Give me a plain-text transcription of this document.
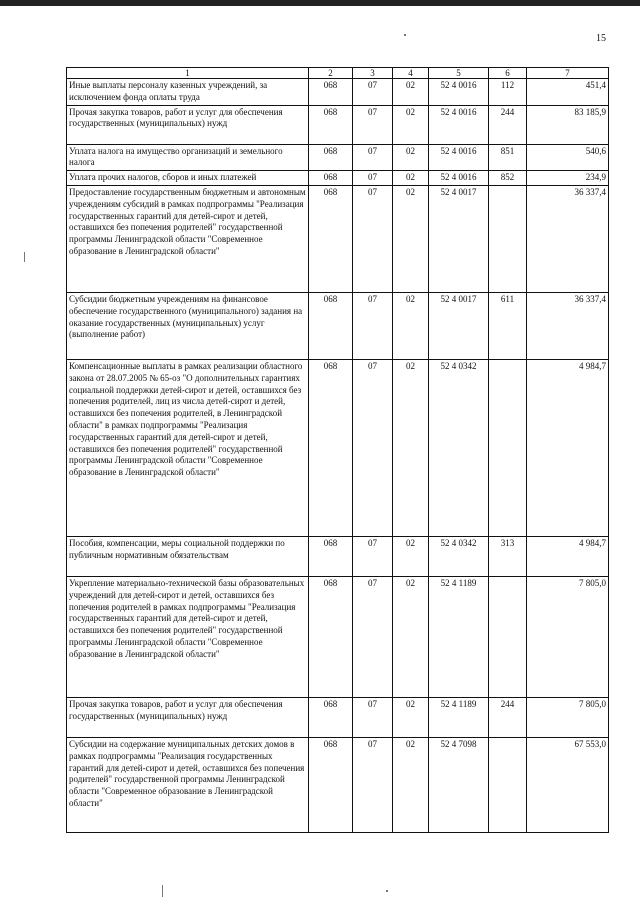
15
1	2	3	4	5	6	7
Иные выплаты персоналу казенных учреждений, за исключением фонда оплаты труда	068	07	02	52 4 0016	112	451,4
Прочая закупка товаров, работ и услуг для обеспечения государственных (муниципальных) нужд	068	07	02	52 4 0016	244	83 185,9
Уплата налога на имущество организаций и земельного налога	068	07	02	52 4 0016	851	540,6
Уплата прочих налогов, сборов и иных платежей	068	07	02	52 4 0016	852	234,9
Предоставление государственным бюджетным и автономным учреждениям субсидий в рамках подпрограммы "Реализация государственных гарантий для детей-сирот и детей, оставшихся без попечения родителей" государственной программы Ленинградской области "Современное образование в Ленинградской области"	068	07	02	52 4 0017		36 337,4
Субсидии бюджетным учреждениям на финансовое обеспечение государственного (муниципального) задания на оказание государственных (муниципальных) услуг (выполнение работ)	068	07	02	52 4 0017	611	36 337,4
Компенсационные выплаты в рамках реализации областного закона от 28.07.2005 № 65-оз "О дополнительных гарантиях социальной поддержки детей-сирот и детей, оставшихся без попечения родителей, лиц из числа детей-сирот и детей, оставшихся без попечения родителей, в Ленинградской области" в рамках подпрограммы "Реализация государственных гарантий для детей-сирот и детей, оставшихся без попечения родителей" государственной программы Ленинградской области "Современное образование в Ленинградской области"	068	07	02	52 4 0342		4 984,7
Пособия, компенсации, меры социальной поддержки по публичным нормативным обязательствам	068	07	02	52 4 0342	313	4 984,7
Укрепление материально-технической базы образовательных учреждений для детей-сирот и детей, оставшихся без попечения родителей в рамках подпрограммы "Реализация государственных гарантий для детей-сирот и детей, оставшихся без попечения родителей" государственной программы Ленинградской области "Современное образование в Ленинградской области"	068	07	02	52 4 1189		7 805,0
Прочая закупка товаров, работ и услуг для обеспечения государственных (муниципальных) нужд	068	07	02	52 4 1189	244	7 805,0
Субсидии на содержание муниципальных детских домов в рамках подпрограммы "Реализация государственных гарантий для детей-сирот и детей, оставшихся без попечения родителей" государственной программы Ленинградской области "Современное образование в Ленинградской области"	068	07	02	52 4 7098		67 553,0
